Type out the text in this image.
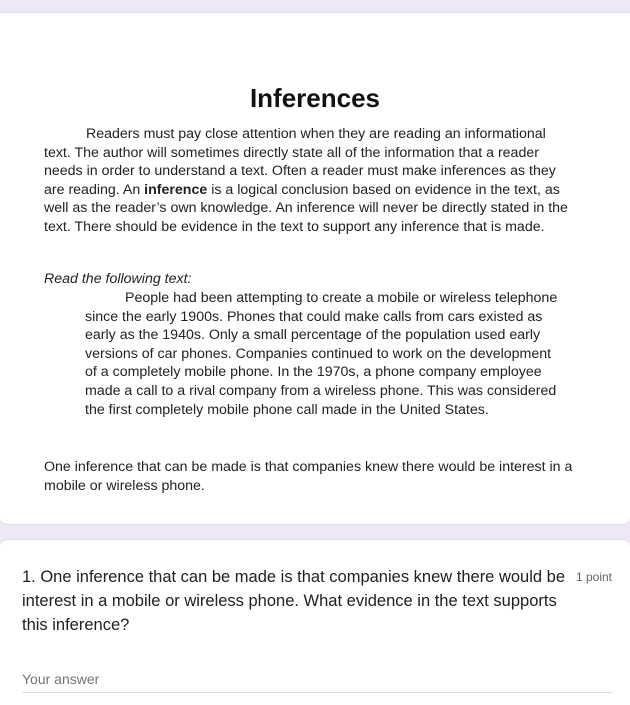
Inferences

Readers must pay close attention when they are reading an informational text. The author will sometimes directly state all of the information that a reader needs in order to understand a text. Often a reader must make inferences as they are reading. An inference is a logical conclusion based on evidence in the text, as well as the reader’s own knowledge. An inference will never be directly stated in the text. There should be evidence in the text to support any inference that is made.

Read the following text:

People had been attempting to create a mobile or wireless telephone since the early 1900s. Phones that could make calls from cars existed as early as the 1940s. Only a small percentage of the population used early versions of car phones. Companies continued to work on the development of a completely mobile phone. In the 1970s, a phone company employee made a call to a rival company from a wireless phone. This was considered the first completely mobile phone call made in the United States.

One inference that can be made is that companies knew there would be interest in a mobile or wireless phone.

1. One inference that can be made is that companies knew there would be interest in a mobile or wireless phone. What evidence in the text supports this inference?

1 point
Your answer
